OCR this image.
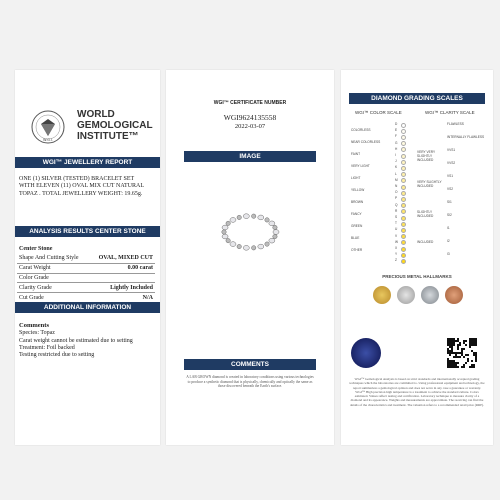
W.G.I.
WORLD
GEMOLOGICAL
INSTITUTE™
WGI™ JEWELLERY REPORT
ONE (1) SILVER (TESTED) BRACELET SET
WITH ELEVEN (11) OVAL MIX CUT NATURAL
TOPAZ . TOTAL JEWELLERY WEIGHT: 19.65g.
ANALYSIS RESULTS CENTER STONE
Center Stone
Shape And Cutting Style	OVAL, MIXED CUT
Carat Weight	0.00 carat
Color Grade	
Clarity Grade	Lightly Included
Cut Grade	N/A
ADDITIONAL INFORMATION
Comments
Species: Topaz
Carat weight cannot be estimated due to setting
Treatment: Foil backed
Testing restricted due to setting
WGI™ CERTIFICATE NUMBER
WGI9624135558
2022-03-07
IMAGE
COMMENTS
A LAB GROWN diamond is created in laboratory conditions using various technologies to produce a synthetic diamond that is physically, chemically and optically the same as those discovered beneath the Earth's surface.
DIAMOND GRADING SCALES
WGI™ COLOR SCALE	WGI™ CLARITY SCALE
COLORLESS
NEAR COLORLESS
FAINT
VERY LIGHT
LIGHT
YELLOW
BROWN
FANCY
GREEN
BLUE
OTHER
D
E
F
G
H
I
J
K
L
M
N
O
P
Q
R
S
T
U
V
W
X
Y
Z
FLAWLESS
INTERNALLY FLAWLESS
VVS1
VVS2
VS1
VS2
SI1
SI2
I1
I2
I3
VERY VERY SLIGHTLY INCLUDED
VERY SLIGHTLY INCLUDED
SLIGHTLY INCLUDED
INCLUDED
PRECIOUS METAL HALLMARKS
WGI™ Gemological Analysis is based on strict standards and internationally accepted grading techniques which the laboratories are committed to. Using professional equipment and technology, the report summarizes a gemological opinion and does not serve in any case a guarantee or warranty. WGI™ High precision high temperature is a treatment to achieve the standard culture. Colors estimated. Values reflect testing and certification. Laboratory technique to measure clarity of a diamond and its appearance. Weights and measurements are approximate. The receiving can find the details of the characteristics and treatment. The valuation refers to a recommended retail price (RRP).
